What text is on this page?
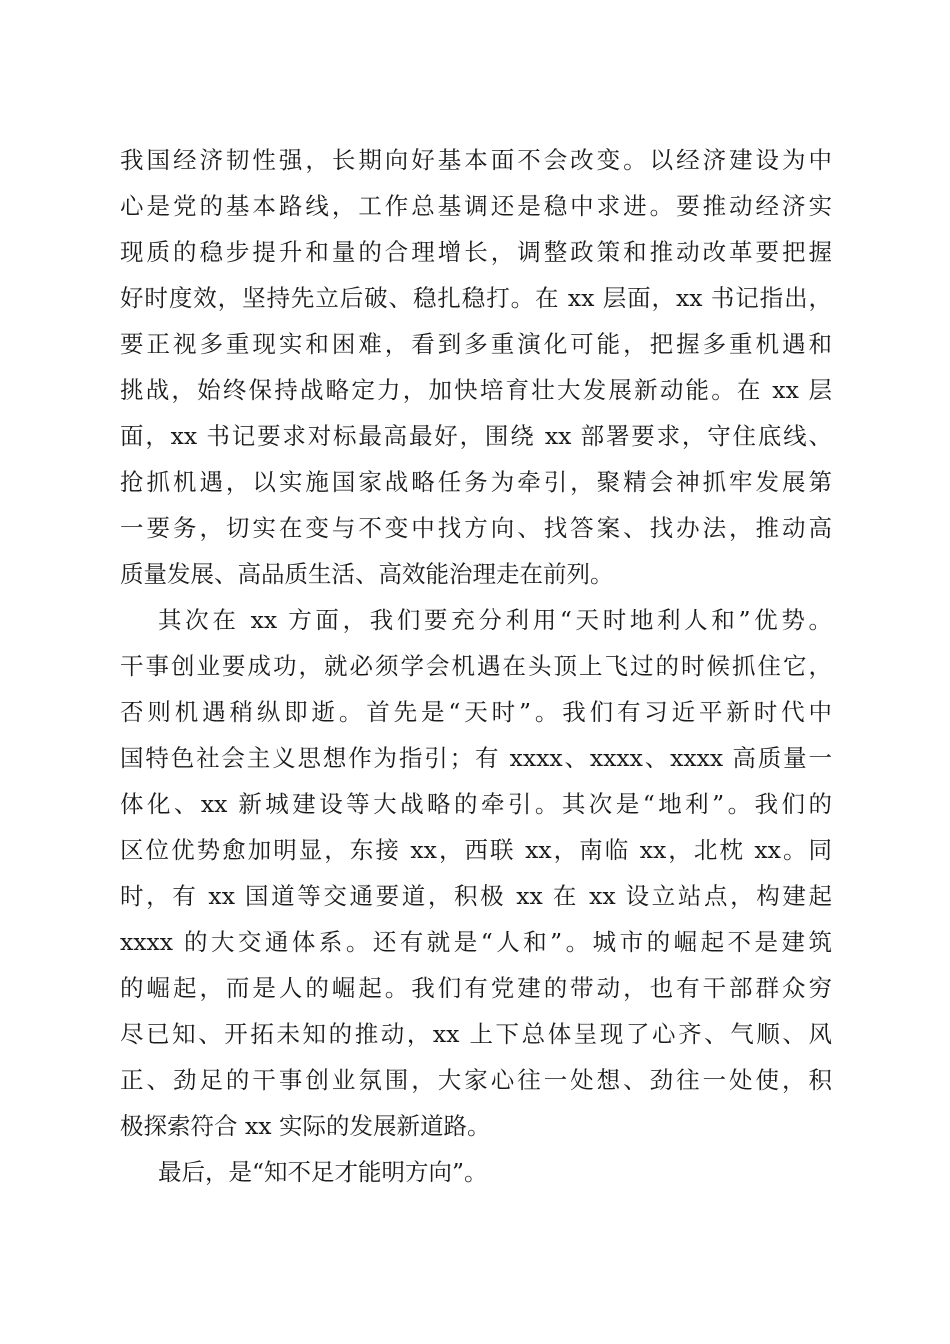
我国经济韧性强，长期向好基本面不会改变。以经济建设为中
心是党的基本路线，工作总基调还是稳中求进。要推动经济实
现质的稳步提升和量的合理增长，调整政策和推动改革要把握
好时度效，坚持先立后破、稳扎稳打。在 xx 层面，xx 书记指出，
要正视多重现实和困难，看到多重演化可能，把握多重机遇和
挑战，始终保持战略定力，加快培育壮大发展新动能。在 xx 层
面，xx 书记要求对标最高最好，围绕 xx 部署要求，守住底线、
抢抓机遇，以实施国家战略任务为牵引，聚精会神抓牢发展第
一要务，切实在变与不变中找方向、找答案、找办法，推动高
质量发展、高品质生活、高效能治理走在前列。
其次在 xx 方面，我们要充分利用“天时地利人和”优势。
干事创业要成功，就必须学会机遇在头顶上飞过的时候抓住它，
否则机遇稍纵即逝。首先是“天时”。我们有习近平新时代中
国特色社会主义思想作为指引；有 xxxx、xxxx、xxxx 高质量一
体化、xx 新城建设等大战略的牵引。其次是“地利”。我们的
区位优势愈加明显，东接 xx，西联 xx，南临 xx，北枕 xx。同
时，有 xx 国道等交通要道，积极 xx 在 xx 设立站点，构建起
xxxx 的大交通体系。还有就是“人和”。城市的崛起不是建筑
的崛起，而是人的崛起。我们有党建的带动，也有干部群众穷
尽已知、开拓未知的推动，xx 上下总体呈现了心齐、气顺、风
正、劲足的干事创业氛围，大家心往一处想、劲往一处使，积
极探索符合 xx 实际的发展新道路。
最后，是“知不足才能明方向”。
